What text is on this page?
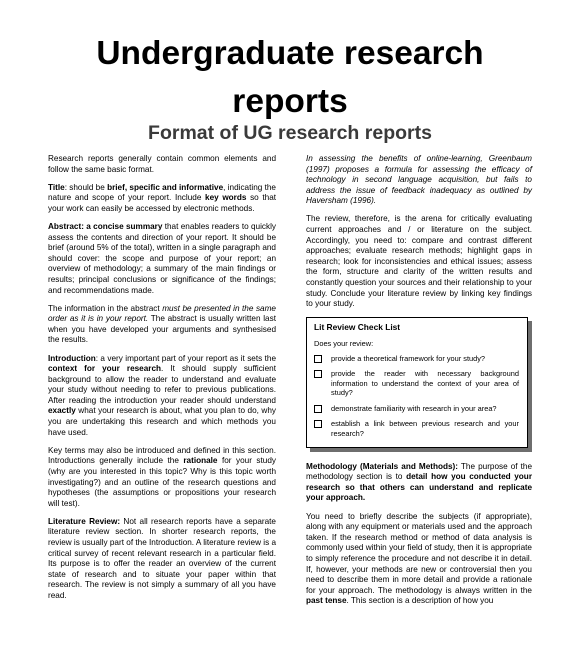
Undergraduate research
reports
Format of UG research reports

Research reports generally contain common elements and follow the same basic format.

Title: should be brief, specific and informative, indicating the nature and scope of your report. Include key words so that your work can easily be accessed by electronic methods.

Abstract: a concise summary that enables readers to quickly assess the contents and direction of your report. It should be brief (around 5% of the total), written in a single paragraph and should cover: the scope and purpose of your report; an overview of methodology; a summary of the main findings or results; principal conclusions or significance of the findings; and recommendations made.

The information in the abstract must be presented in the same order as it is in your report. The abstract is usually written last when you have developed your arguments and synthesised the results.

Introduction: a very important part of your report as it sets the context for your research. It should supply sufficient background to allow the reader to understand and evaluate your study without needing to refer to previous publications. After reading the introduction your reader should understand exactly what your research is about, what you plan to do, why you are undertaking this research and which methods you have used.

Key terms may also be introduced and defined in this section. Introductions generally include the rationale for your study (why are you interested in this topic? Why is this topic worth investigating?) and an outline of the research questions and hypotheses (the assumptions or propositions your research will test).

Literature Review: Not all research reports have a separate literature review section. In shorter research reports, the review is usually part of the Introduction. A literature review is a critical survey of recent relevant research in a particular field. Its purpose is to offer the reader an overview of the current state of research and to situate your paper within that research. The review is not simply a summary of all you have read.

In assessing the benefits of online-learning, Greenbaum (1997) proposes a formula for assessing the efficacy of technology in second language acquisition, but fails to address the issue of feedback inadequacy as outlined by Haversham (1996).

The review, therefore, is the arena for critically evaluating current approaches and / or literature on the subject. Accordingly, you need to: compare and contrast different approaches; evaluate research methods; highlight gaps in research; look for inconsistencies and ethical issues; assess the form, structure and clarity of the written results and constantly question your sources and their relationship to your study. Conclude your literature review by linking key findings to your study.

Lit Review Check List
Does your review:
provide a theoretical framework for your study?
provide the reader with necessary background information to understand the context of your area of study?
demonstrate familiarity with research in your area?
establish a link between previous research and your research?

Methodology (Materials and Methods): The purpose of the methodology section is to detail how you conducted your research so that others can understand and replicate your approach.

You need to briefly describe the subjects (if appropriate), along with any equipment or materials used and the approach taken. If the research method or method of data analysis is commonly used within your field of study, then it is appropriate to simply reference the procedure and not describe it in detail. If, however, your methods are new or controversial then you need to describe them in more detail and provide a rationale for your approach. The methodology is always written in the past tense. This section is a description of how you
